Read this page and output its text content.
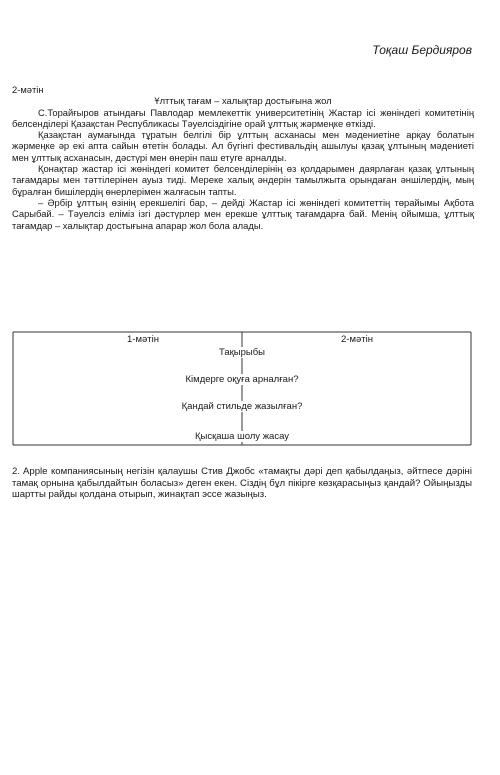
Тоқаш Бердияров

2-мәтін

Ұлттық тағам – халықтар достығына жол

С.Торайғыров атындағы Павлодар мемлекеттік университетінің Жастар ісі жөніндегі комитетінің белсенділері Қазақстан Республикасы Тәуелсіздігіне орай ұлттық жәрмеңке өткізді.

Қазақстан аумағында тұратын белгілі бір ұлттың асханасы мен мәдениетіне арқау болатын жәрмеңке әр екі апта сайын өтетін болады. Ал бүгінгі фестивальдің ашылуы қазақ ұлтының мәдениеті мен ұлттық асханасын, дәстүрі мен өнерін паш етуге арналды.

Қонақтар жастар ісі жөніндегі комитет белсенділерінің өз қолдарымен даярлаған қазақ ұлтының тағамдары мен тәттілерінен ауыз тиді. Мереке халық әндерін тамылжыта орындаған әншілердің, мың бұралған бишілердің өнерлерімен жалғасын тапты.

– Әрбір ұлттың өзінің ерекшелігі бар, – дейді Жастар ісі жөніндегі комитеттің төрайымы Ақбота Сарыбай. – Тәуелсіз еліміз ізгі дәстүрлер мен ерекше ұлттық тағамдарға бай. Менің ойымша, ұлттық тағамдар – халықтар достығына апарар жол бола алады.

1-мәтін	2-мәтін
Тақырыбы
Кімдерге оқуға арналған?
Қандай стильде жазылған?
Қысқаша шолу жасау

2. Apple компаниясының негізін қалаушы Стив Джобс «тамақты дәрі деп қабылдаңыз, әйтпесе дәріні тамақ орнына қабылдайтын боласыз» деген екен. Сіздің бұл пікірге көзқарасыңыз қандай? Ойыңызды шартты райды қолдана отырып, жинақтап эссе жазыңыз.
